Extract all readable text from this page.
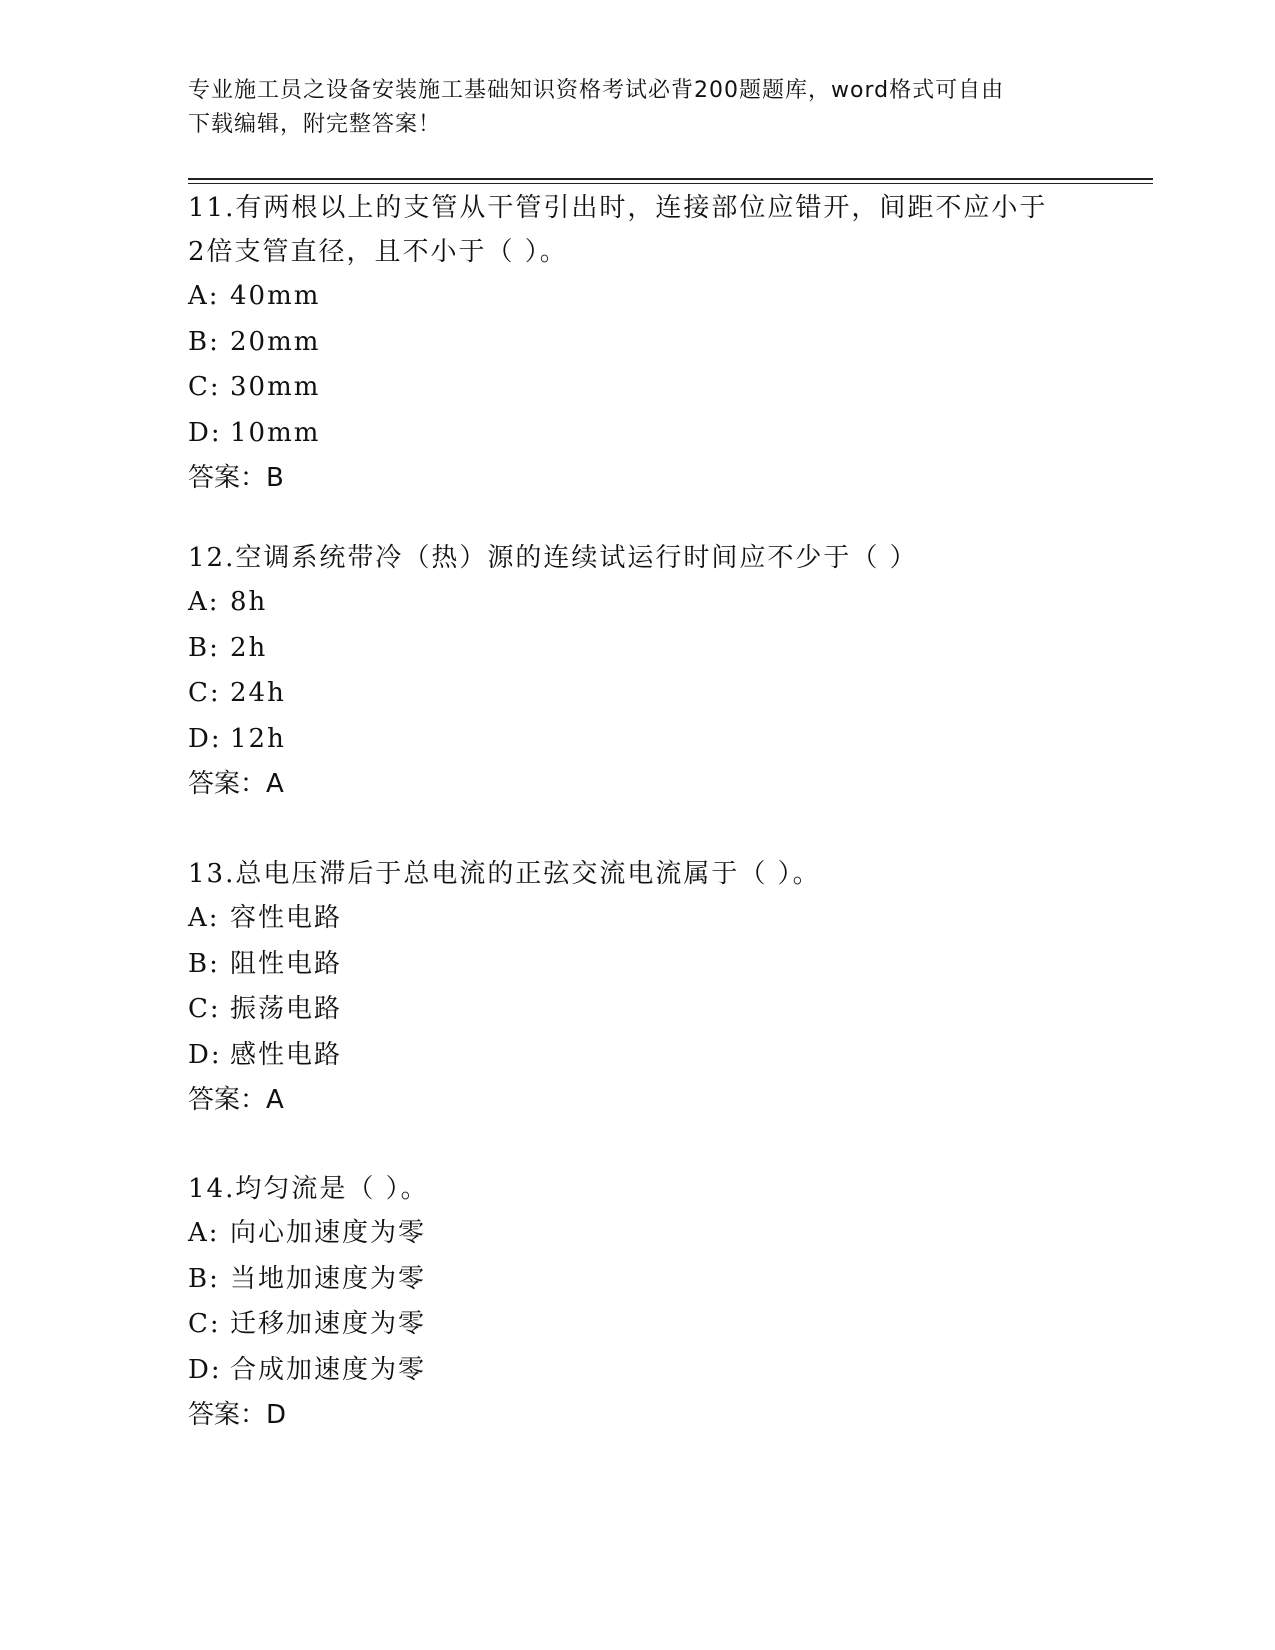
专业施工员之设备安装施工基础知识资格考试必背200题题库，word格式可自由
下载编辑，附完整答案！

11.有两根以上的支管从干管引出时，连接部位应错开，间距不应小于

2倍支管直径，且不小于（ ）。

A: 40mm

B: 20mm

C: 30mm

D: 10mm

答案：B

12.空调系统带冷（热）源的连续试运行时间应不少于（ ）

A: 8h

B: 2h

C: 24h

D: 12h

答案：A

13.总电压滞后于总电流的正弦交流电流属于（ ）。

A: 容性电路

B: 阻性电路

C: 振荡电路

D: 感性电路

答案：A

14.均匀流是（ ）。

A: 向心加速度为零

B: 当地加速度为零

C: 迁移加速度为零

D: 合成加速度为零

答案：D
